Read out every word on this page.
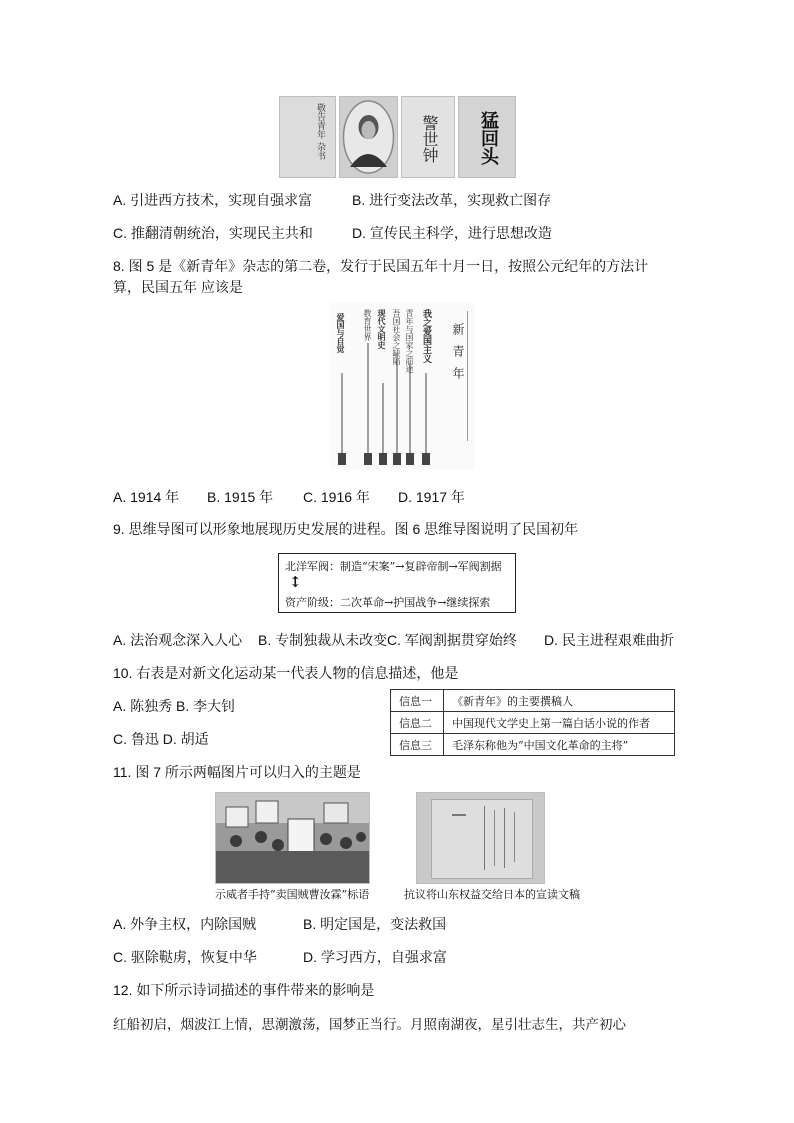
敬告青年 杂书	警世钟 猛回头
A. 引进西方技术，实现自强求富	B. 进行变法改革，实现救亡图存
C. 推翻清朝统治，实现民主共和	D. 宣传民主科学，进行思想改造
8. 图 5 是《新青年》杂志的第二卷，发行于民国五年十月一日，按照公元纪年的方法计
算，民国五年 应该是
新青年
我之爱国主义
青年与国家之前途
吾国社会之缺陷
现代文明史
教育世界
爱国与自觉
A. 1914 年 B. 1915 年 C. 1916 年 D. 1917 年
9. 思维导图可以形象地展现历史发展的进程。图 6 思维导图说明了民国初年
北洋军阀：制造“宋案”→复辟帝制→军阀割据
↕
资产阶级：二次革命→护国战争→继续探索
A. 法治观念深入人心 B. 专制独裁从未改变 C. 军阀割据贯穿始终 D. 民主进程艰难曲折
10. 右表是对新文化运动某一代表人物的信息描述，他是
A. 陈独秀 B. 李大钊
C. 鲁迅 D. 胡适
信息一	《新青年》的主要撰稿人
信息二	中国现代文学史上第一篇白话小说的作者
信息三	毛泽东称他为“中国文化革命的主将”
11. 图 7 所示两幅图片可以归入的主题是
示威者手持“卖国贼曹汝霖”标语	抗议将山东权益交给日本的宣读文稿
A. 外争主权，内除国贼	B. 明定国是，变法救国
C. 驱除鞑虏，恢复中华	D. 学习西方，自强求富
12. 如下所示诗词描述的事件带来的影响是
红船初启，烟波江上情，思潮激荡，国梦正当行。月照南湖夜，星引壮志生，共产初心
